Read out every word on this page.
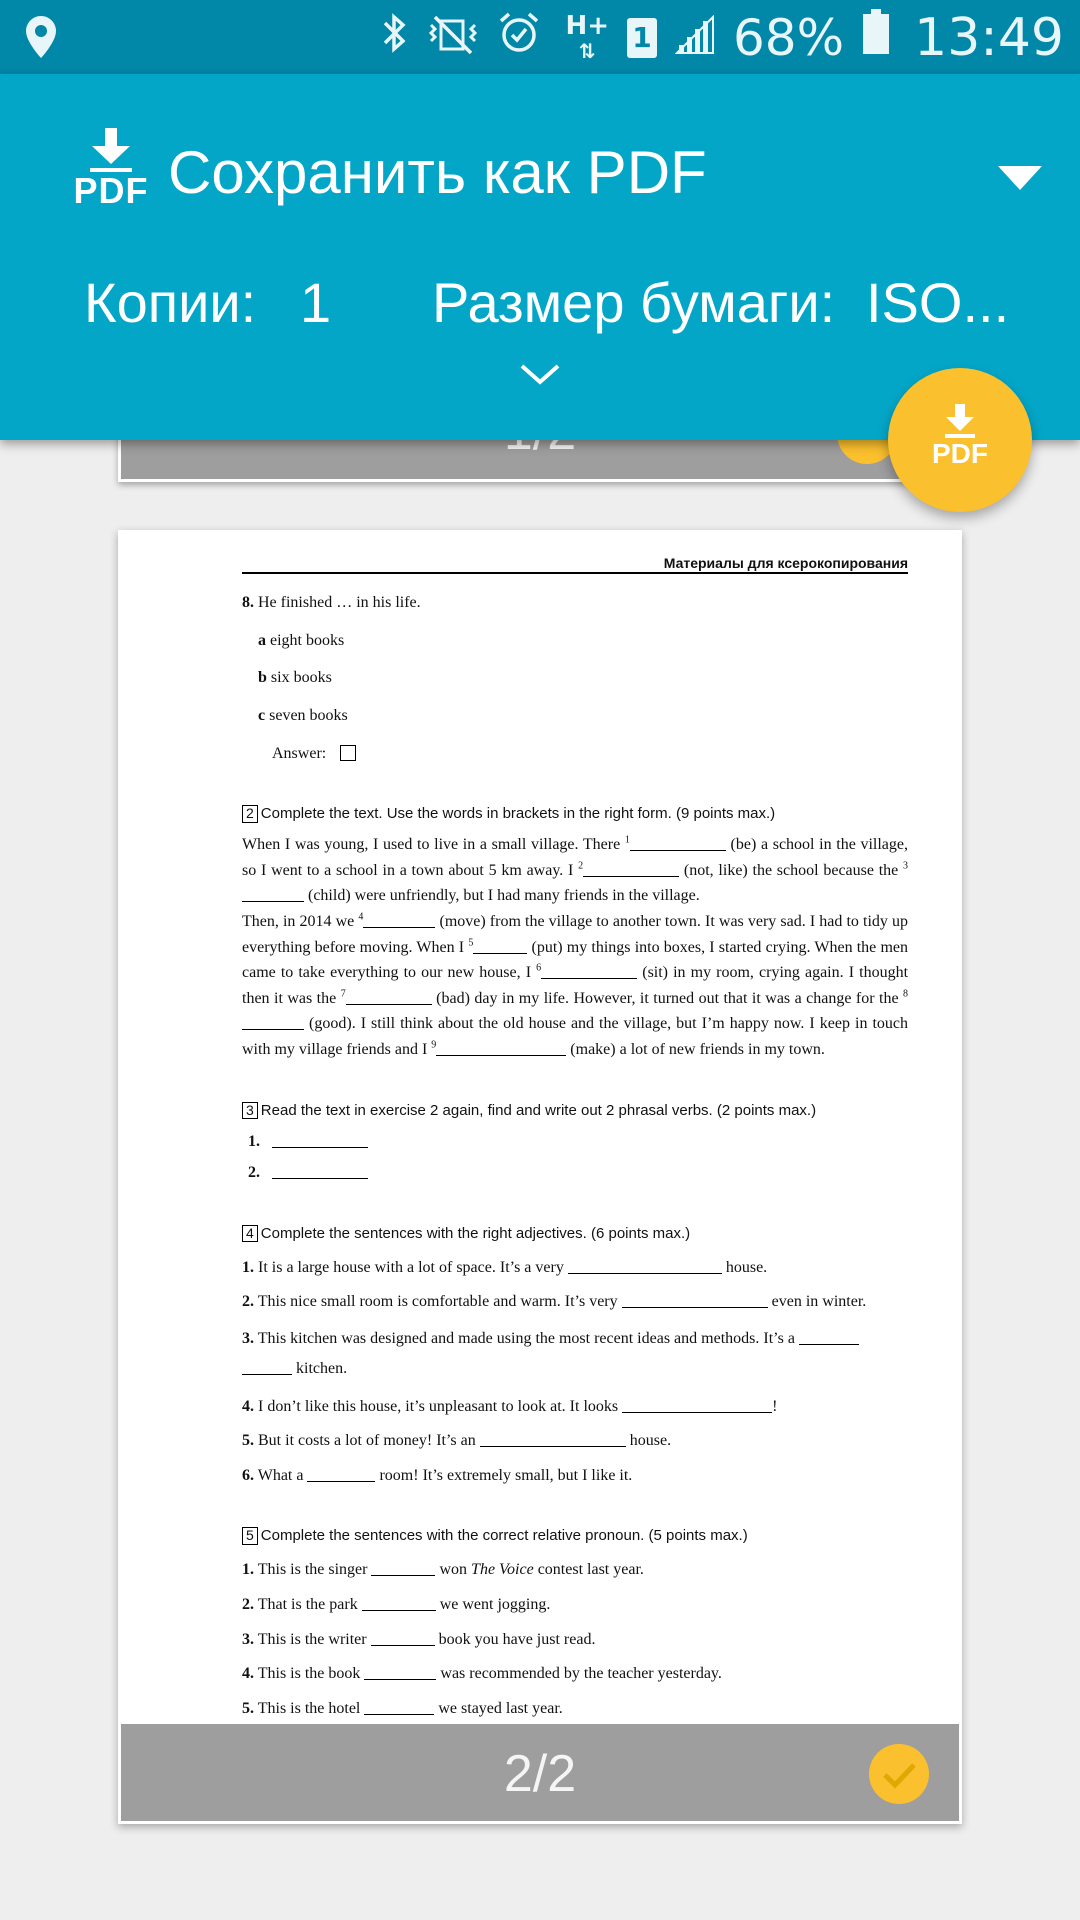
H+
⇅	1 68% 13:49
PDF Сохранить как PDF
Копии: 1 Размер бумаги: ISO...
PDF
Материалы для ксерокопирования

8. He finished … in his life.

a eight books

b six books

c seven books

Answer:

2 Complete the text. Use the words in brackets in the right form. (9 points max.)

When I was young, I used to live in a small village. There $^1$	(be) a school in the village, so I went to a school in a town about 5 km away. I $^2$	(not, like) the school because the $^3$ (child) were unfriendly, but I had many friends in the village.

Then, in 2014 we $^4$	(move) from the village to another town. It was very sad. I had to tidy up everything before moving. When I $^5$	(put) my things into boxes, I started crying. When the men came to take everything to our new house, I $^6$	(sit) in my room, crying again. I thought then it was the $^7$	(bad) day in my life. However, it turned out that it was a change for the $^8$ (good). I still think about the old house and the village, but I’m happy now. I keep in touch with my village friends and I $^9$	(make) a lot of new friends in my town.

3 Read the text in exercise 2 again, find and write out 2 phrasal verbs. (2 points max.)

1.

2.

4 Complete the sentences with the right adjectives. (6 points max.)

1. It is a large house with a lot of space. It’s a very	house.

2. This nice small room is comfortable and warm. It’s very	even in winter.

3. This kitchen was designed and made using the most recent ideas and methods. It’s a   kitchen.

4. I don’t like this house, it’s unpleasant to look at. It looks	!

5. But it costs a lot of money! It’s an	house.

6. What a	room! It’s extremely small, but I like it.

5 Complete the sentences with the correct relative pronoun. (5 points max.)

1. This is the singer	won The Voice contest last year.

2. That is the park	we went jogging.

3. This is the writer	book you have just read.

4. This is the book	was recommended by the teacher yesterday.

5. This is the hotel	we stayed last year.

2/2
